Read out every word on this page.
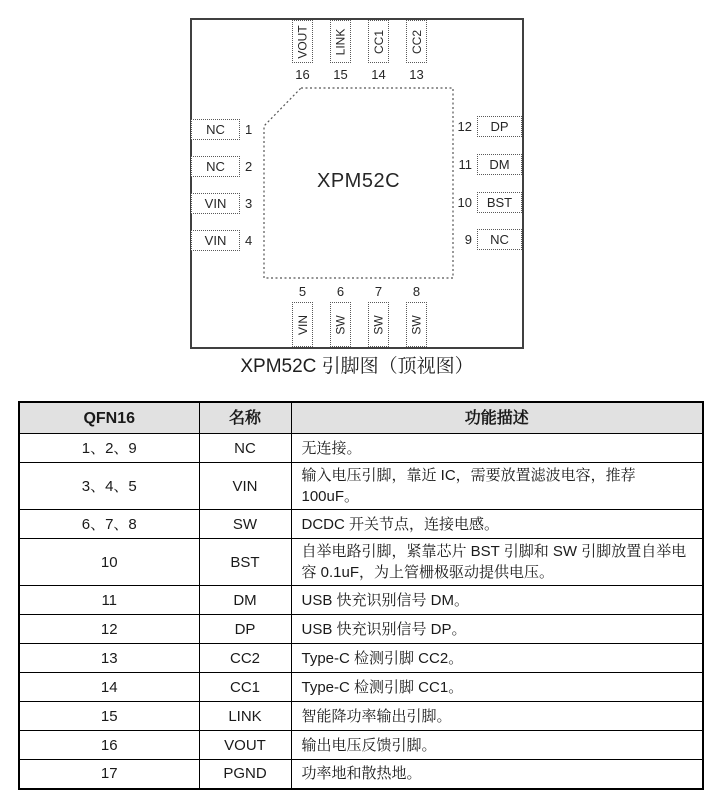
XPM52C
VOUT
16
LINK
15
CC1
14
CC2
13
NC	1
NC	2
VIN	3
VIN	4
12	DP
11	DM
10	BST
9	NC
5
VIN
6
SW
7
SW
8
SW
XPM52C 引脚图（顶视图）
QFN16	名称	功能描述
1、2、9	NC	无连接。
3、4、5	VIN	输入电压引脚，靠近 IC，需要放置滤波电容，推荐 100uF。
6、7、8	SW	DCDC 开关节点，连接电感。
10	BST	自举电路引脚，紧靠芯片 BST 引脚和 SW 引脚放置自举电容 0.1uF，为上管栅极驱动提供电压。
11	DM	USB 快充识别信号 DM。
12	DP	USB 快充识别信号 DP。
13	CC2	Type-C 检测引脚 CC2。
14	CC1	Type-C 检测引脚 CC1。
15	LINK	智能降功率输出引脚。
16	VOUT	输出电压反馈引脚。
17	PGND	功率地和散热地。
